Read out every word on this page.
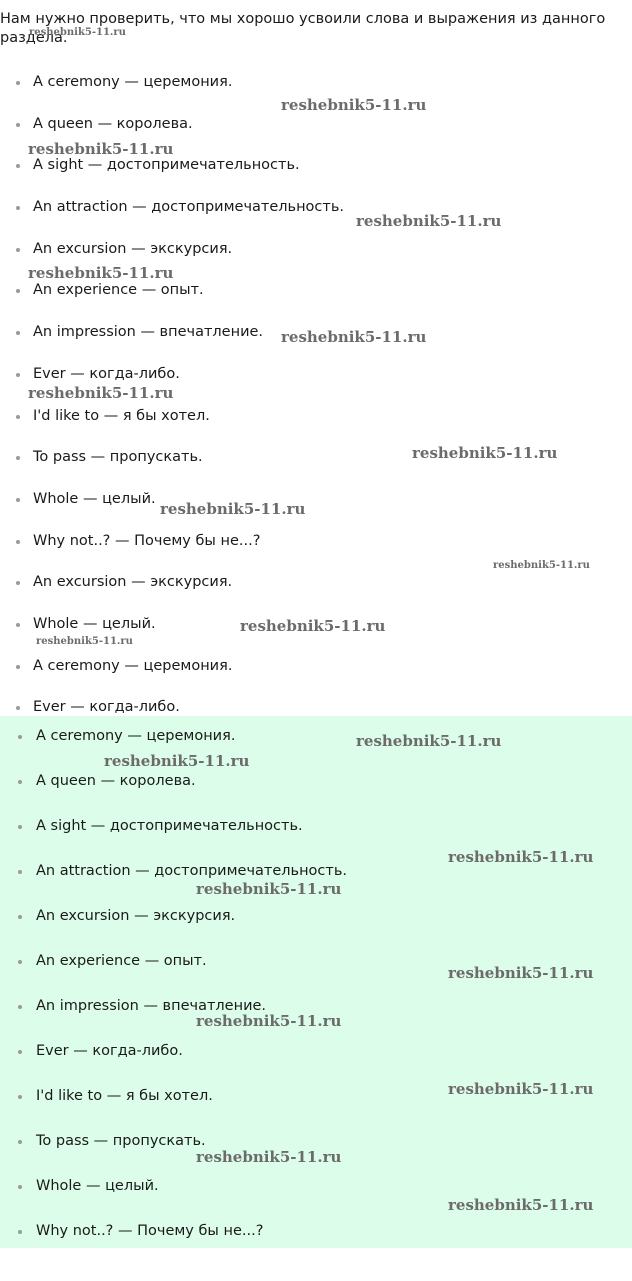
Нам нужно проверить, что мы хорошо усвоили слова и выражения из данного раздела.

A ceremony — церемония.
A queen — королева.
A sight — достопримечательность.
An attraction — достопримечательность.
An excursion — экскурсия.
An experience — опыт.
An impression — впечатление.
Ever — когда-либо.
I'd like to — я бы хотел.
To pass — пропускать.
Whole — целый.
Why not..? — Почему бы не...?
An excursion — экскурсия.
Whole — целый.
A ceremony — церемония.
Ever — когда-либо.
A ceremony — церемония.
A queen — королева.
A sight — достопримечательность.
An attraction — достопримечательность.
An excursion — экскурсия.
An experience — опыт.
An impression — впечатление.
Ever — когда-либо.
I'd like to — я бы хотел.
To pass — пропускать.
Whole — целый.
Why not..? — Почему бы не...?
reshebnik5-11.ru
reshebnik5-11.ru
reshebnik5-11.ru
reshebnik5-11.ru
reshebnik5-11.ru
reshebnik5-11.ru
reshebnik5-11.ru
reshebnik5-11.ru
reshebnik5-11.ru
reshebnik5-11.ru
reshebnik5-11.ru
reshebnik5-11.ru
reshebnik5-11.ru
reshebnik5-11.ru
reshebnik5-11.ru
reshebnik5-11.ru
reshebnik5-11.ru
reshebnik5-11.ru
reshebnik5-11.ru
reshebnik5-11.ru
reshebnik5-11.ru
